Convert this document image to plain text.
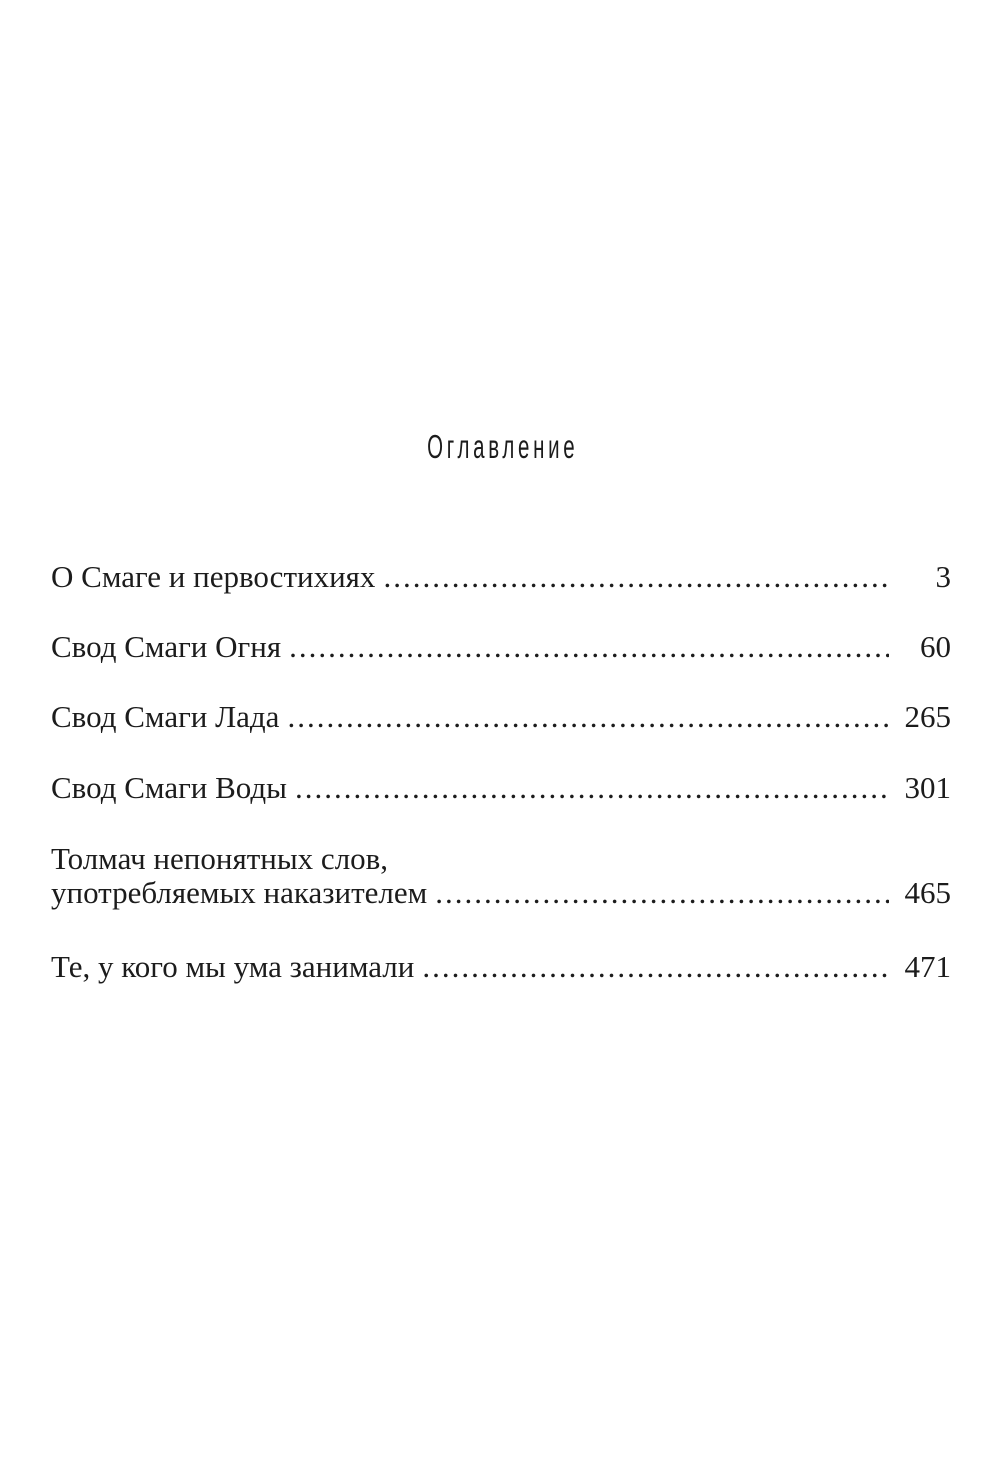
Оглавление
О Смаге и первостихиях .....	3
Свод Смаги Огня .....	60
Свод Смаги Лада .....	265
Свод Смаги Воды .....	301
Толмач непонятных слов,
употребляемых наказителем .....	465
Те, у кого мы ума занимали .....	471
